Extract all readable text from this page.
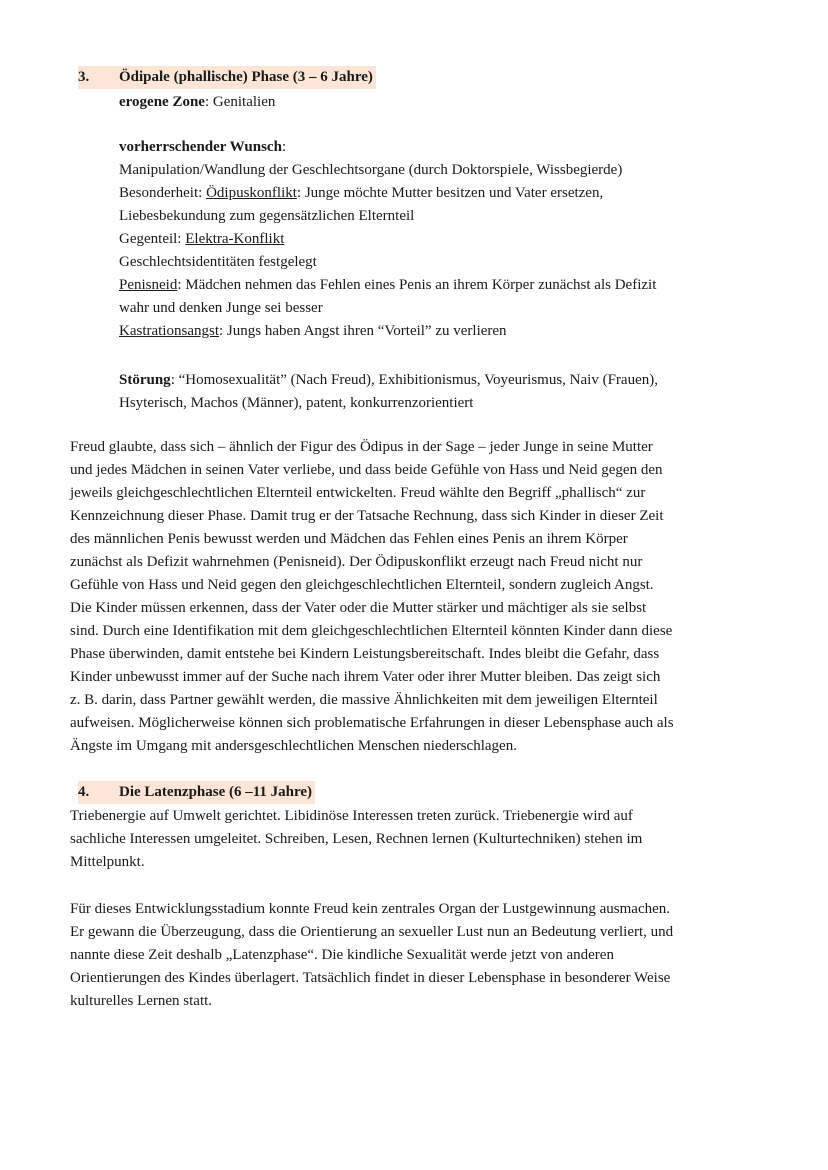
3. Ödipale (phallische) Phase (3 – 6 Jahre)
erogene Zone: Genitalien
vorherrschender Wunsch:
Manipulation/Wandlung der Geschlechtsorgane (durch Doktorspiele, Wissbegierde)
Besonderheit: Ödipuskonflikt: Junge möchte Mutter besitzen und Vater ersetzen,
Liebesbekundung zum gegensätzlichen Elternteil
Gegenteil: Elektra-Konflikt
Geschlechtsidentitäten festgelegt
Penisneid: Mädchen nehmen das Fehlen eines Penis an ihrem Körper zunächst als Defizit
wahr und denken Junge sei besser
Kastrationsangst: Jungs haben Angst ihren “Vorteil” zu verlieren
Störung: “Homosexualität” (Nach Freud), Exhibitionismus, Voyeurismus, Naiv (Frauen),
Hsyterisch, Machos (Männer), patent, konkurrenzorientiert
Freud glaubte, dass sich – ähnlich der Figur des Ödipus in der Sage – jeder Junge in seine Mutter
und jedes Mädchen in seinen Vater verliebe, und dass beide Gefühle von Hass und Neid gegen den
jeweils gleichgeschlechtlichen Elternteil entwickelten. Freud wählte den Begriff „phallisch“ zur
Kennzeichnung dieser Phase. Damit trug er der Tatsache Rechnung, dass sich Kinder in dieser Zeit
des männlichen Penis bewusst werden und Mädchen das Fehlen eines Penis an ihrem Körper
zunächst als Defizit wahrnehmen (Penisneid). Der Ödipuskonflikt erzeugt nach Freud nicht nur
Gefühle von Hass und Neid gegen den gleichgeschlechtlichen Elternteil, sondern zugleich Angst.
Die Kinder müssen erkennen, dass der Vater oder die Mutter stärker und mächtiger als sie selbst
sind. Durch eine Identifikation mit dem gleichgeschlechtlichen Elternteil könnten Kinder dann diese
Phase überwinden, damit entstehe bei Kindern Leistungsbereitschaft. Indes bleibt die Gefahr, dass
Kinder unbewusst immer auf der Suche nach ihrem Vater oder ihrer Mutter bleiben. Das zeigt sich
z. B. darin, dass Partner gewählt werden, die massive Ähnlichkeiten mit dem jeweiligen Elternteil
aufweisen. Möglicherweise können sich problematische Erfahrungen in dieser Lebensphase auch als
Ängste im Umgang mit andersgeschlechtlichen Menschen niederschlagen.
4. Die Latenzphase (6 –11 Jahre)
Triebenergie auf Umwelt gerichtet. Libidinöse Interessen treten zurück. Triebenergie wird auf
sachliche Interessen umgeleitet. Schreiben, Lesen, Rechnen lernen (Kulturtechniken) stehen im
Mittelpunkt.
Für dieses Entwicklungsstadium konnte Freud kein zentrales Organ der Lustgewinnung ausmachen.
Er gewann die Überzeugung, dass die Orientierung an sexueller Lust nun an Bedeutung verliert, und
nannte diese Zeit deshalb „Latenzphase“. Die kindliche Sexualität werde jetzt von anderen
Orientierungen des Kindes überlagert. Tatsächlich findet in dieser Lebensphase in besonderer Weise
kulturelles Lernen statt.
